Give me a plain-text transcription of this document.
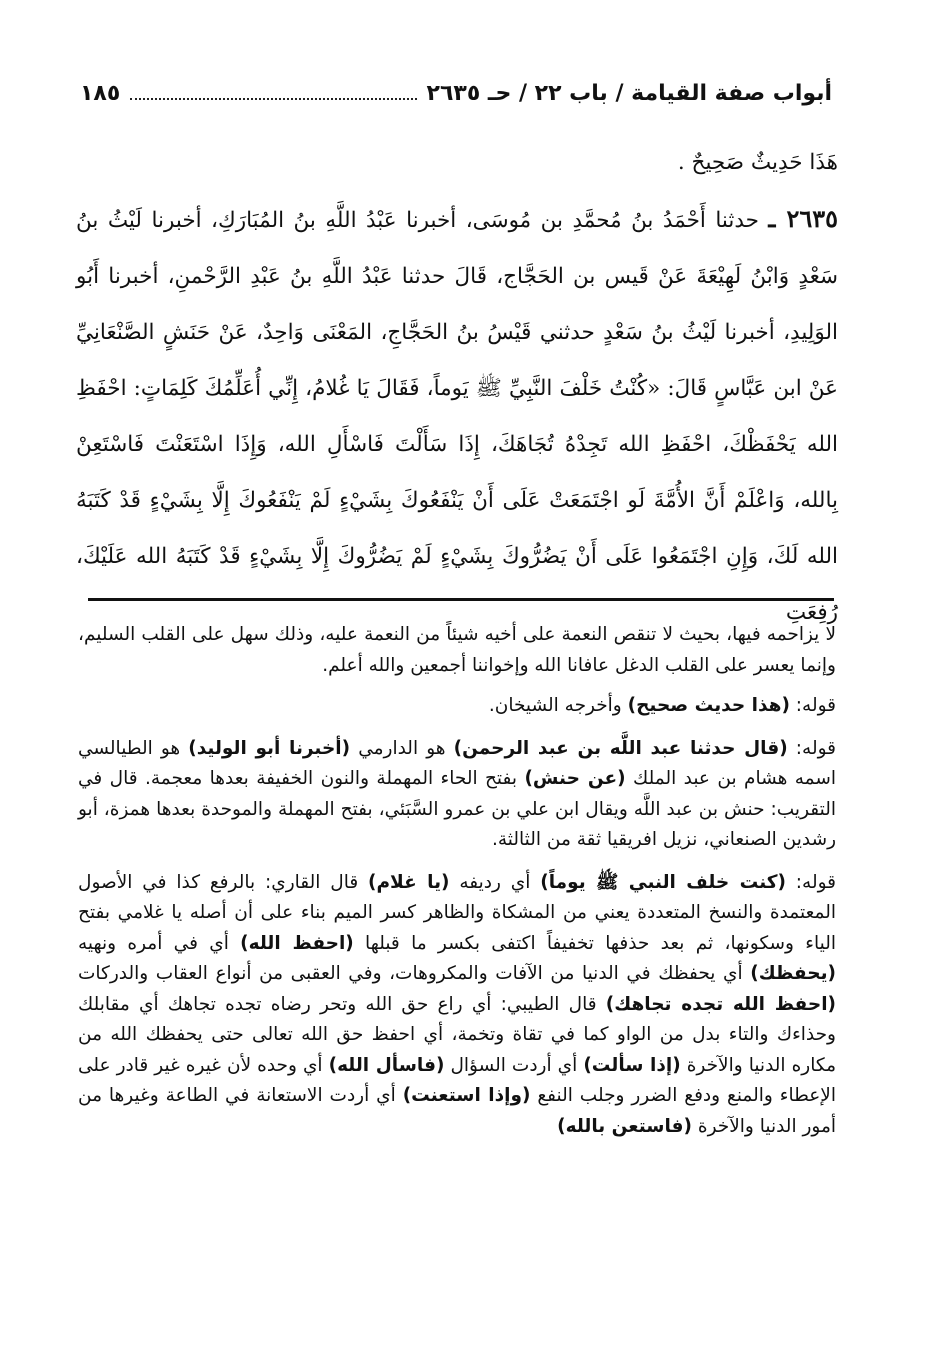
أبواب صفة القيامة / باب ٢٢ / حـ ٢٦٣٥
١٨٥

هَذَا حَدِيثٌ صَحِيحٌ .

٢٦٣٥ ـ حدثنا أَحْمَدُ بنُ مُحمَّدِ بن مُوسَى، أخبرنا عَبْدُ اللَّهِ بنُ المُبَارَكِ، أخبرنا لَيْثُ بنُ سَعْدٍ وَابْنُ لَهِيْعَةَ عَنْ قَيس بن الحَجَّاج، قَالَ حدثنا عَبْدُ اللَّهِ بنُ عَبْدِ الرَّحْمنِ، أخبرنا أَبُو الوَلِيدِ، أخبرنا لَيْثُ بنُ سَعْدٍ حدثني قَيْسُ بنُ الحَجَّاجِ، المَعْنَى وَاحِدٌ، عَنْ حَنَشٍ الصَّنْعَانِيِّ عَنْ ابن عَبَّاسٍ قَالَ: «كُنْتُ خَلْفَ النَّبِيِّ ﷺ يَوماً، فَقَالَ يَا غُلامُ، إِنِّي أُعَلِّمُكَ كَلِمَاتٍ: احْفَظِ الله يَحْفَظْكَ، احْفَظِ الله تَجِدْهُ تُجَاهَكَ، إِذَا سَأَلْتَ فَاسْأَلِ الله، وَإِذَا اسْتَعَنْتَ فَاسْتَعِنْ بِالله، وَاعْلَمْ أَنَّ الأُمَّةَ لَو اجْتَمَعَتْ عَلَى أَنْ يَنْفَعُوكَ بِشَيْءٍ لَمْ يَنْفَعُوكَ إِلَّا بِشَيْءٍ قَدْ كَتَبَهُ الله لَكَ، وَإِنِ اجْتَمَعُوا عَلَى أَنْ يَضُرُّوكَ بِشَيْءٍ لَمْ يَضُرُّوكَ إِلَّا بِشَيْءٍ قَدْ كَتَبَهُ الله عَلَيْكَ، رُفِعَتِ

لا يزاحمه فيها، بحيث لا تنقص النعمة على أخيه شيئاً من النعمة عليه، وذلك سهل على القلب السليم، وإنما يعسر على القلب الدغل عافانا الله وإخواننا أجمعين والله أعلم.

قوله: (هذا حديث صحيح) وأخرجه الشيخان.

قوله: (قال حدثنا عبد اللَّه بن عبد الرحمن) هو الدارمي (أخبرنا أبو الوليد) هو الطيالسي اسمه هشام بن عبد الملك (عن حنش) بفتح الحاء المهملة والنون الخفيفة بعدها معجمة. قال في التقريب: حنش بن عبد اللَّه ويقال ابن علي بن عمرو السَّبَئي، بفتح المهملة والموحدة بعدها همزة، أبو رشدين الصنعاني، نزيل افريقيا ثقة من الثالثة.

قوله: (كنت خلف النبي ﷺ يوماً) أي رديفه (يا غلام) قال القاري: بالرفع كذا في الأصول المعتمدة والنسخ المتعددة يعني من المشكاة والظاهر كسر الميم بناء على أن أصله يا غلامي بفتح الياء وسكونها، ثم بعد حذفها تخفيفاً اكتفى بكسر ما قبلها (احفظ الله) أي في أمره ونهيه (يحفظك) أي يحفظك في الدنيا من الآفات والمكروهات، وفي العقبى من أنواع العقاب والدركات (احفظ الله تجده تجاهك) قال الطيبي: أي راع حق الله وتحر رضاه تجده تجاهك أي مقابلك وحذاءك والتاء بدل من الواو كما في تقاة وتخمة، أي احفظ حق الله تعالى حتى يحفظك الله من مكاره الدنيا والآخرة (إذا سألت) أي أردت السؤال (فاسأل الله) أي وحده لأن غيره غير قادر على الإعطاء والمنع ودفع الضرر وجلب النفع (وإذا استعنت) أي أردت الاستعانة في الطاعة وغيرها من أمور الدنيا والآخرة (فاستعن بالله)
